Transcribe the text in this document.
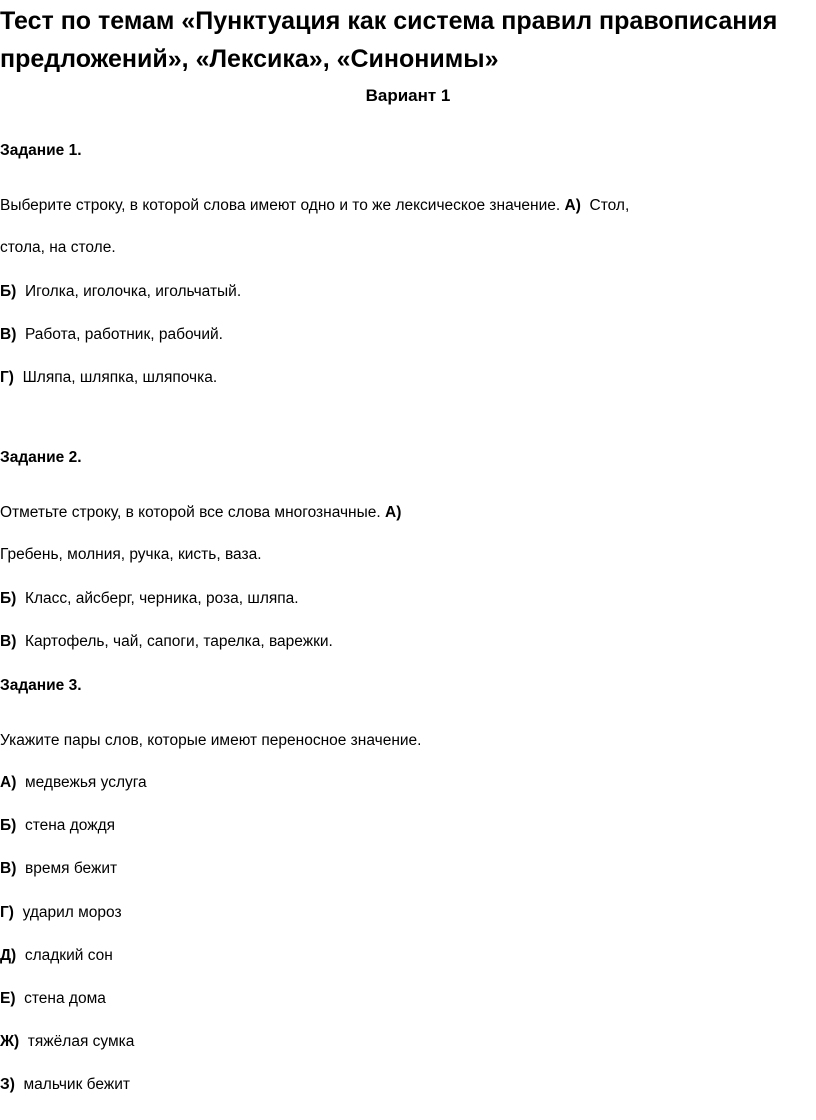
Тест по темам «Пунктуация как система правил правописания предложений», «Лексика», «Синонимы»

Вариант 1

Задание 1.

Выберите строку, в которой слова имеют одно и то же лексическое значение. А) Стол,

стола, на столе.

Б) Иголка, иголочка, игольчатый.

В) Работа, работник, рабочий.

Г) Шляпа, шляпка, шляпочка.

Задание 2.

Отметьте строку, в которой все слова многозначные. А)

Гребень, молния, ручка, кисть, ваза.

Б) Класс, айсберг, черника, роза, шляпа.

В) Картофель, чай, сапоги, тарелка, варежки.

Задание 3.

Укажите пары слов, которые имеют переносное значение.

А) медвежья услуга

Б) стена дождя

В) время бежит

Г) ударил мороз

Д) сладкий сон

Е) стена дома

Ж) тяжёлая сумка

З) мальчик бежит
